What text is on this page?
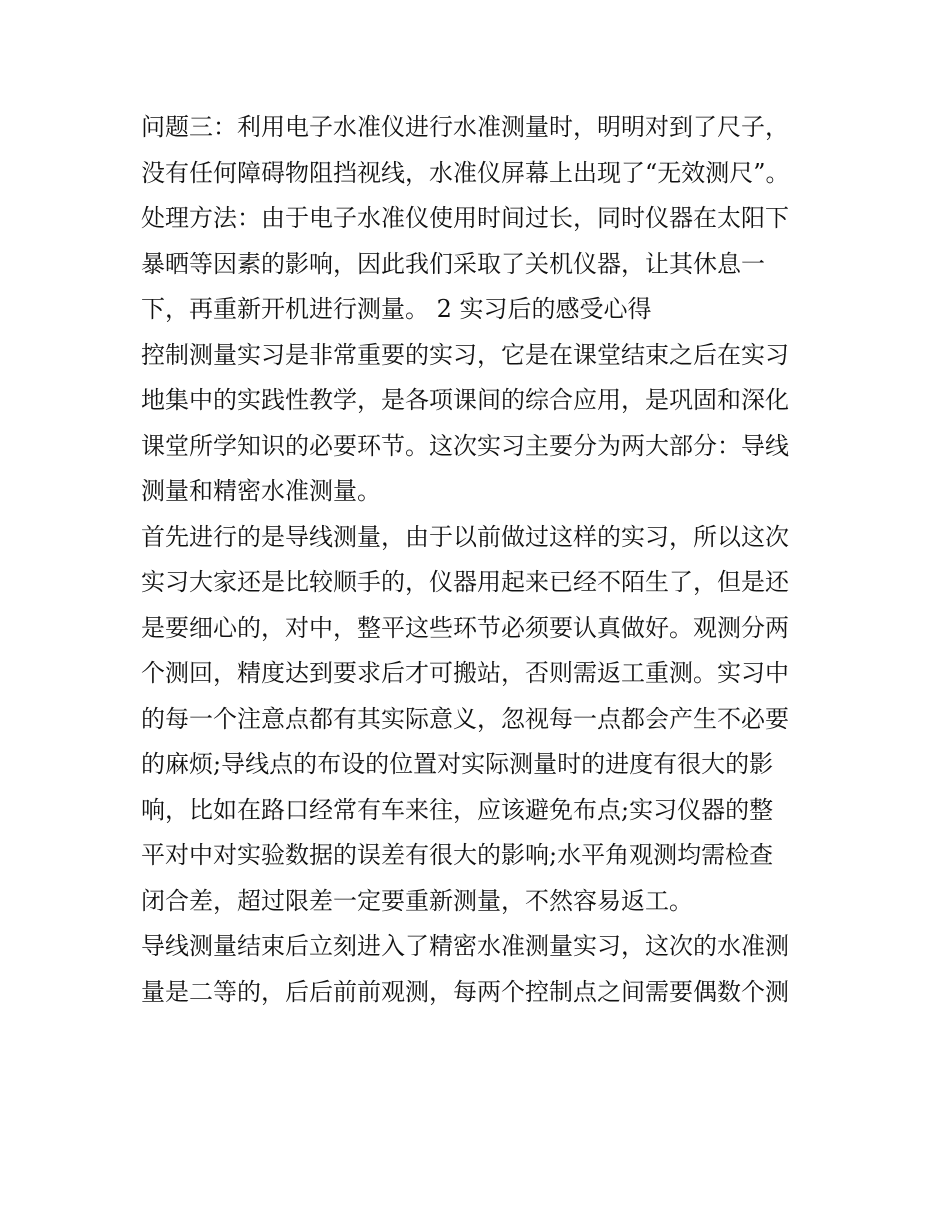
问题三：利用电子水准仪进行水准测量时，明明对到了尺子，
没有任何障碍物阻挡视线，水准仪屏幕上出现了“无效测尺”。

处理方法：由于电子水准仪使用时间过长，同时仪器在太阳下
暴晒等因素的影响，因此我们采取了关机仪器，让其休息一
下，再重新开机进行测量。 2 实习后的感受心得

控制测量实习是非常重要的实习，它是在课堂结束之后在实习
地集中的实践性教学，是各项课间的综合应用，是巩固和深化
课堂所学知识的必要环节。这次实习主要分为两大部分：导线
测量和精密水准测量。

首先进行的是导线测量，由于以前做过这样的实习，所以这次
实习大家还是比较顺手的，仪器用起来已经不陌生了，但是还
是要细心的，对中，整平这些环节必须要认真做好。观测分两
个测回，精度达到要求后才可搬站，否则需返工重测。实习中
的每一个注意点都有其实际意义，忽视每一点都会产生不必要
的麻烦;导线点的布设的位置对实际测量时的进度有很大的影
响，比如在路口经常有车来往，应该避免布点;实习仪器的整
平对中对实验数据的误差有很大的影响;水平角观测均需检查
闭合差，超过限差一定要重新测量，不然容易返工。

导线测量结束后立刻进入了精密水准测量实习，这次的水准测
量是二等的，后后前前观测，每两个控制点之间需要偶数个测
